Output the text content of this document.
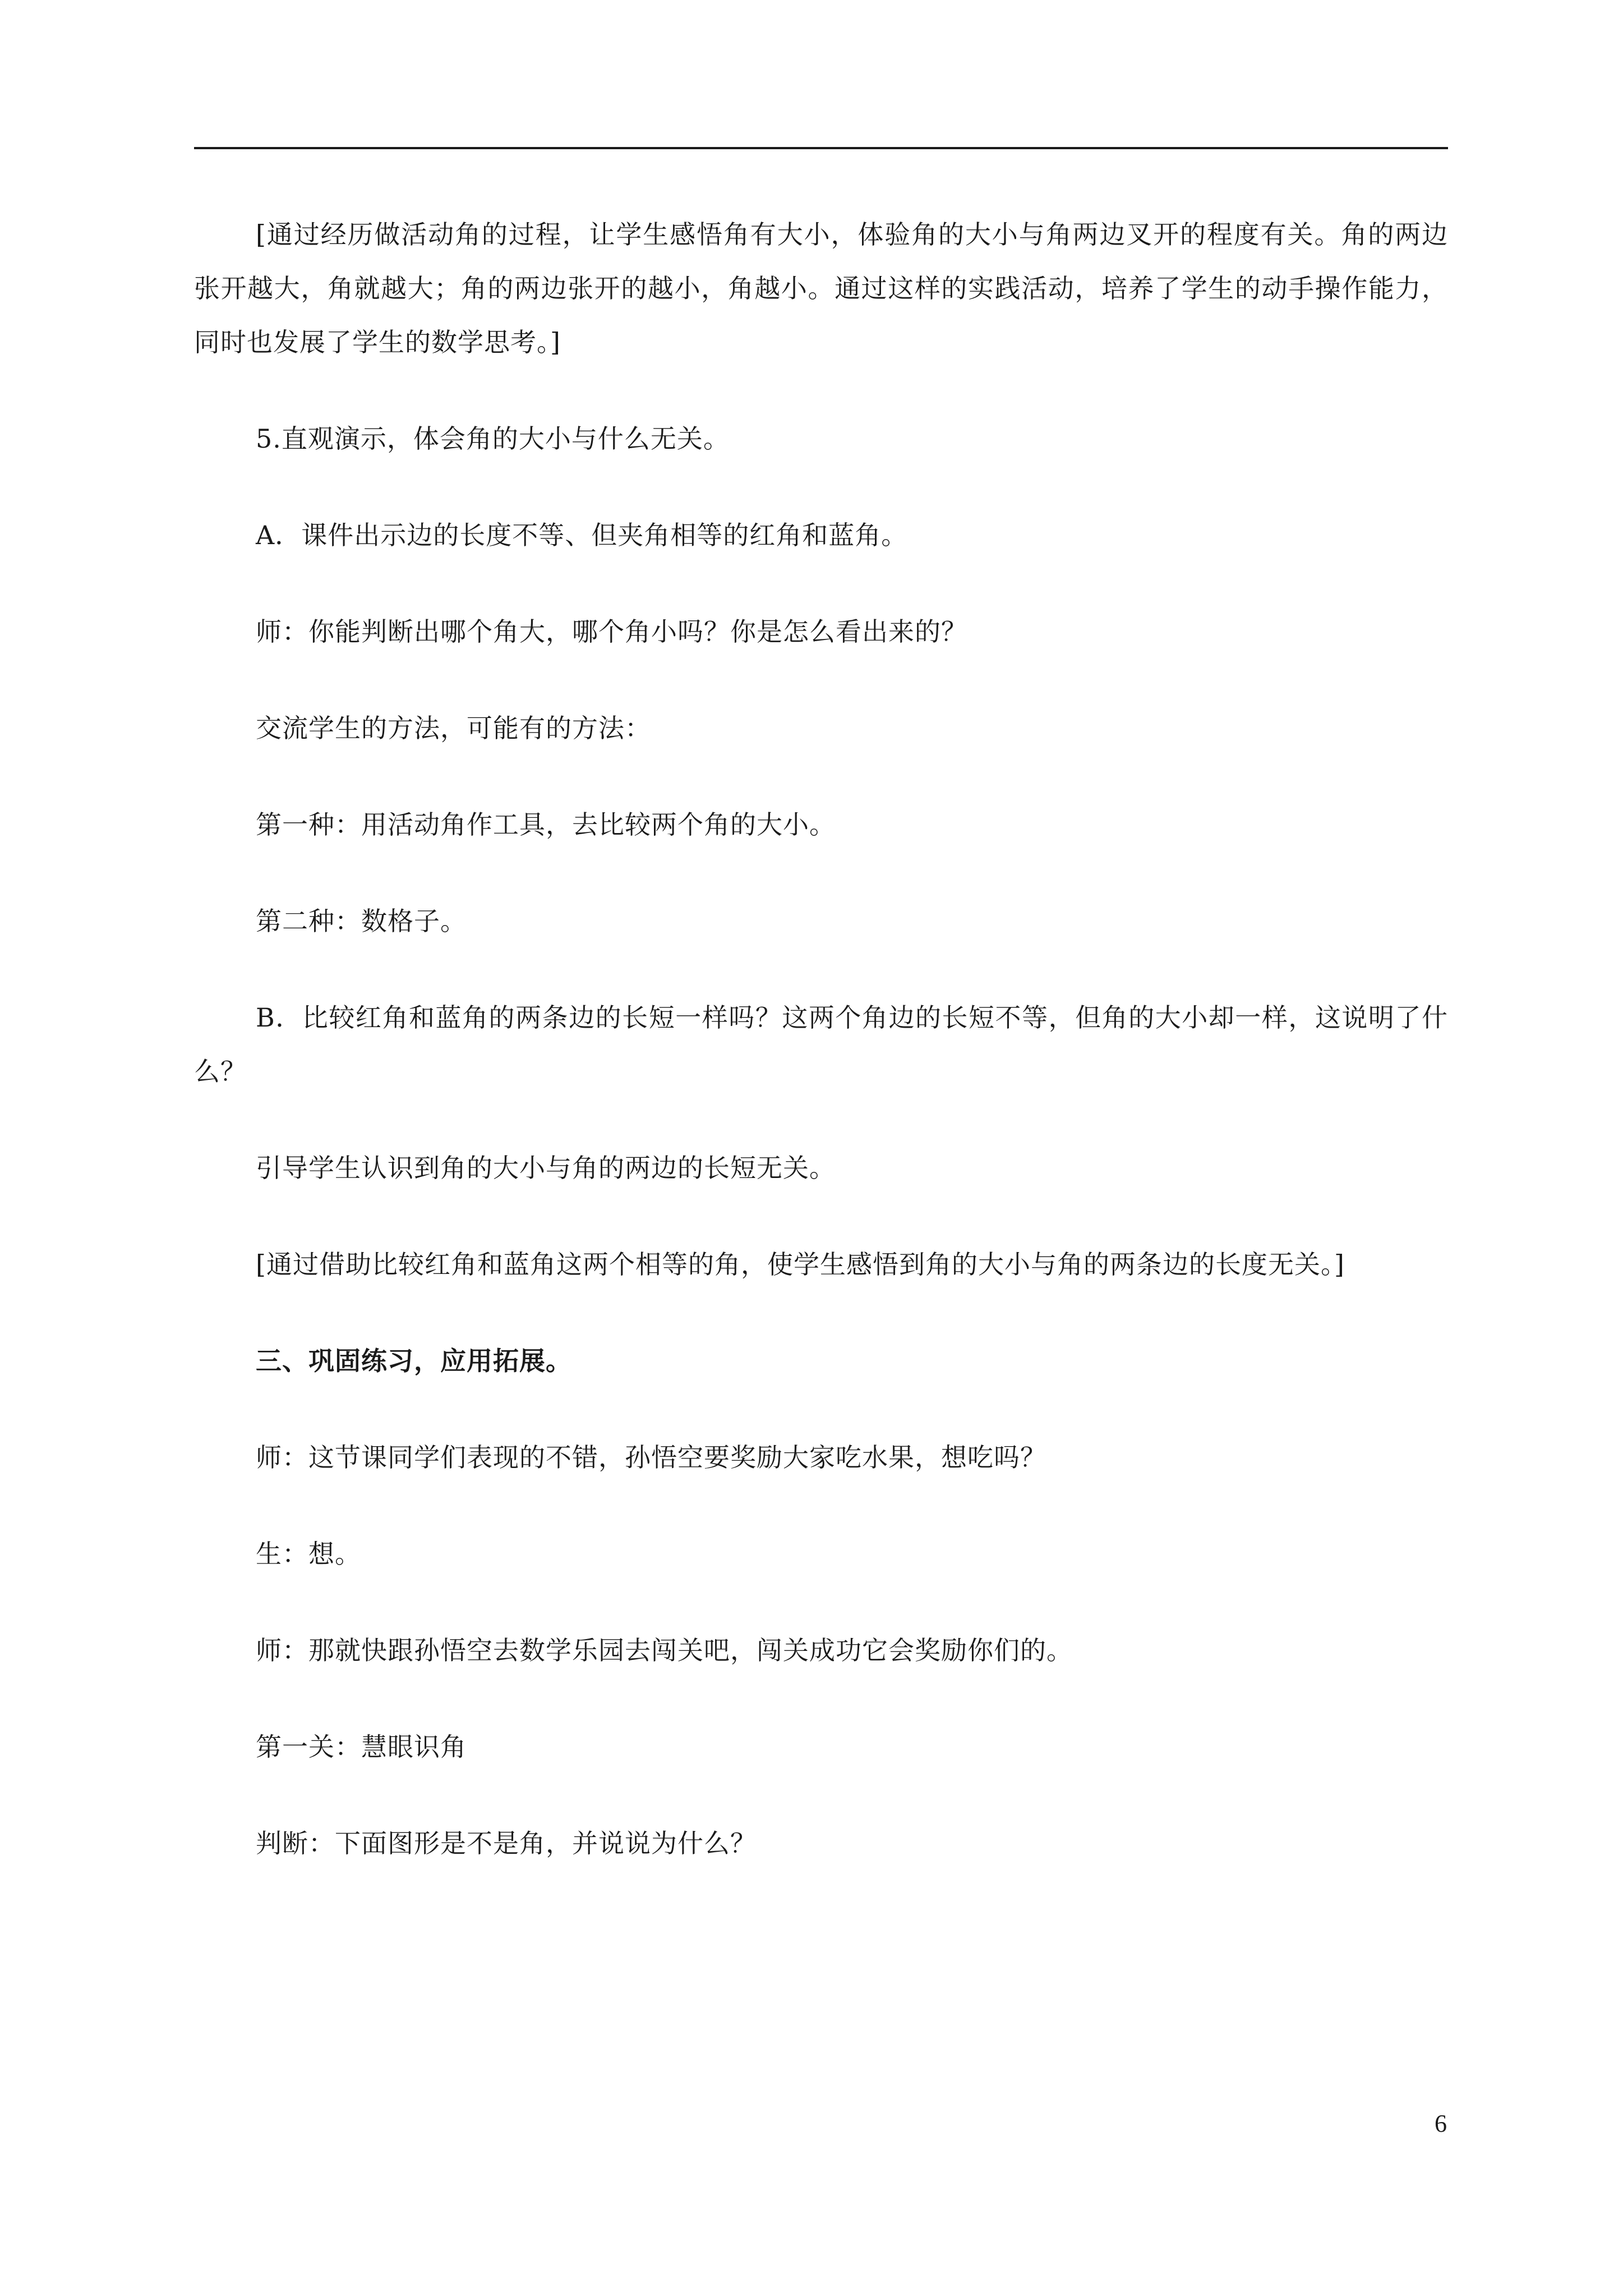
[通过经历做活动角的过程，让学生感悟角有大小，体验角的大小与角两边叉开的程度有关。角的两边张开越大，角就越大；角的两边张开的越小，角越小。通过这样的实践活动，培养了学生的动手操作能力，同时也发展了学生的数学思考。]

5.直观演示，体会角的大小与什么无关。

A．课件出示边的长度不等、但夹角相等的红角和蓝角。

师：你能判断出哪个角大，哪个角小吗？你是怎么看出来的？

交流学生的方法，可能有的方法：

第一种：用活动角作工具，去比较两个角的大小。

第二种：数格子。

B．比较红角和蓝角的两条边的长短一样吗？这两个角边的长短不等，但角的大小却一样，这说明了什么？

引导学生认识到角的大小与角的两边的长短无关。

[通过借助比较红角和蓝角这两个相等的角，使学生感悟到角的大小与角的两条边的长度无关。]

三、巩固练习，应用拓展。

师：这节课同学们表现的不错，孙悟空要奖励大家吃水果，想吃吗？

生：想。

师：那就快跟孙悟空去数学乐园去闯关吧，闯关成功它会奖励你们的。

第一关：慧眼识角

判断：下面图形是不是角，并说说为什么？

6
